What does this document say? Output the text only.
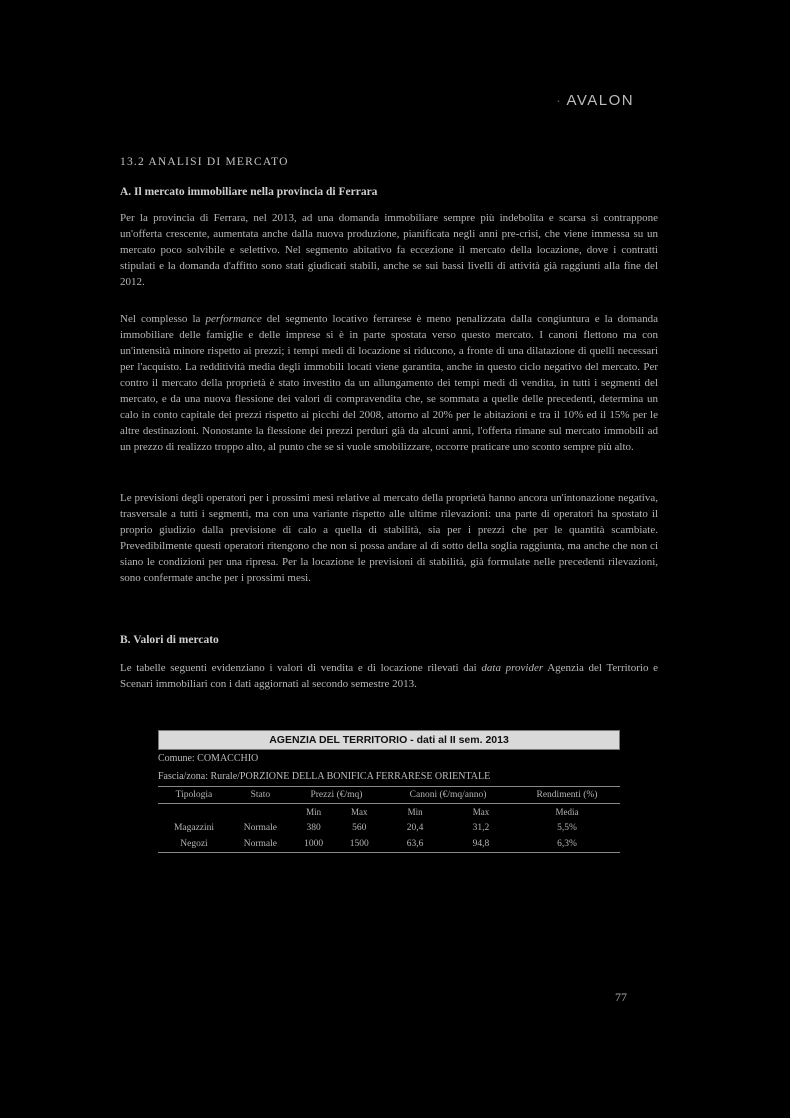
· AVALON
13.2 ANALISI DI MERCATO
A. Il mercato immobiliare nella provincia di Ferrara

Per la provincia di Ferrara, nel 2013, ad una domanda immobiliare sempre più indebolita e scarsa si contrappone un'offerta crescente, aumentata anche dalla nuova produzione, pianificata negli anni pre-crisi, che viene immessa su un mercato poco solvibile e selettivo. Nel segmento abitativo fa eccezione il mercato della locazione, dove i contratti stipulati e la domanda d'affitto sono stati giudicati stabili, anche se sui bassi livelli di attività già raggiunti alla fine del 2012.

Nel complesso la performance del segmento locativo ferrarese è meno penalizzata dalla congiuntura e la domanda immobiliare delle famiglie e delle imprese si è in parte spostata verso questo mercato. I canoni flettono ma con un'intensità minore rispetto ai prezzi; i tempi medi di locazione si riducono, a fronte di una dilatazione di quelli necessari per l'acquisto. La redditività media degli immobili locati viene garantita, anche in questo ciclo negativo del mercato. Per contro il mercato della proprietà è stato investito da un allungamento dei tempi medi di vendita, in tutti i segmenti del mercato, e da una nuova flessione dei valori di compravendita che, se sommata a quelle delle precedenti, determina un calo in conto capitale dei prezzi rispetto ai picchi del 2008, attorno al 20% per le abitazioni e tra il 10% ed il 15% per le altre destinazioni. Nonostante la flessione dei prezzi perduri già da alcuni anni, l'offerta rimane sul mercato immobili ad un prezzo di realizzo troppo alto, al punto che se si vuole smobilizzare, occorre praticare uno sconto sempre più alto.

Le previsioni degli operatori per i prossimi mesi relative al mercato della proprietà hanno ancora un'intonazione negativa, trasversale a tutti i segmenti, ma con una variante rispetto alle ultime rilevazioni: una parte di operatori ha spostato il proprio giudizio dalla previsione di calo a quella di stabilità, sia per i prezzi che per le quantità scambiate. Prevedibilmente questi operatori ritengono che non si possa andare al di sotto della soglia raggiunta, ma anche che non ci siano le condizioni per una ripresa. Per la locazione le previsioni di stabilità, già formulate nelle precedenti rilevazioni, sono confermate anche per i prossimi mesi.

B. Valori di mercato

Le tabelle seguenti evidenziano i valori di vendita e di locazione rilevati dai data provider Agenzia del Territorio e Scenari immobiliari con i dati aggiornati al secondo semestre 2013.

AGENZIA DEL TERRITORIO - dati al II sem. 2013
Comune: COMACCHIO
Fascia/zona: Rurale/PORZIONE DELLA BONIFICA FERRARESE ORIENTALE
Tipologia	Stato	Prezzi (€/mq)		Canoni (€/mq/anno)		Rendimenti (%)
		Min	Max	Min	Max	Media
Magazzini	Normale	380	560	20,4	31,2	5,5%
Negozi	Normale	1000	1500	63,6	94,8	6,3%
77
